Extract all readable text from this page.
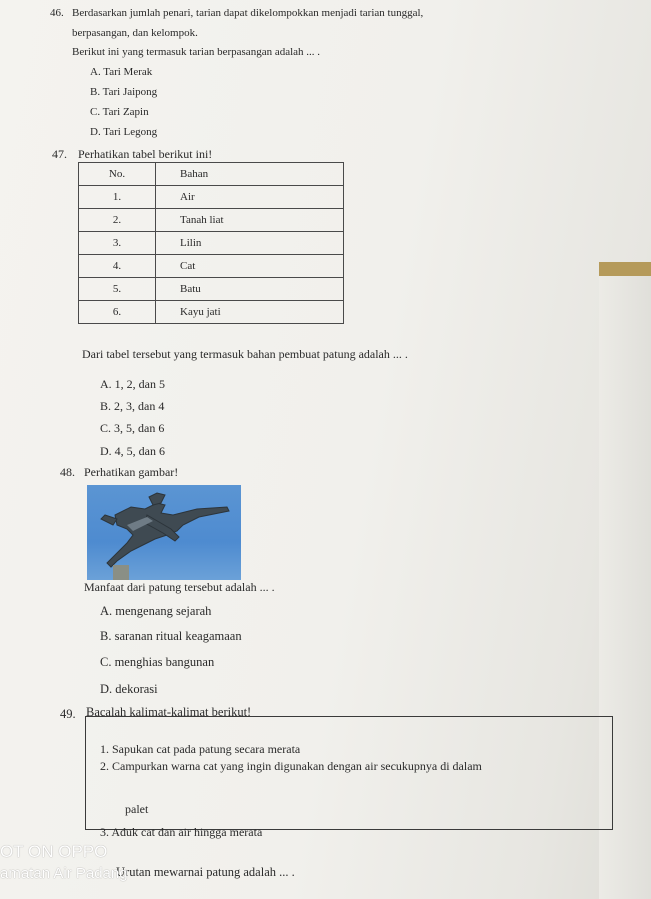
46. Berdasarkan jumlah penari, tarian dapat dikelompokkan menjadi tarian tunggal,
berpasangan, dan kelompok.
Berikut ini yang termasuk tarian berpasangan adalah ... .
A. Tari Merak
B. Tari Jaipong
C. Tari Zapin
D. Tari Legong
47. Perhatikan tabel berikut ini!
No.	Bahan
1.	Air
2.	Tanah liat
3.	Lilin
4.	Cat
5.	Batu
6.	Kayu jati
Dari tabel tersebut yang termasuk bahan pembuat patung adalah ... .
A. 1, 2, dan 5
B. 2, 3, dan 4
C. 3, 5, dan 6
D. 4, 5, dan 6
48. Perhatikan gambar!
Manfaat dari patung tersebut adalah ... .
A. mengenang sejarah
B. saranan ritual keagamaan
C. menghias bangunan
D. dekorasi
49. Bacalah kalimat-kalimat berikut!
1. Sapukan cat pada patung secara merata
2. Campurkan warna cat yang ingin digunakan dengan air secukupnya di dalam
palet
3. Aduk cat dan air hingga merata
Urutan mewarnai patung adalah ... .
OT ON OPPO
amatan Air Padang
